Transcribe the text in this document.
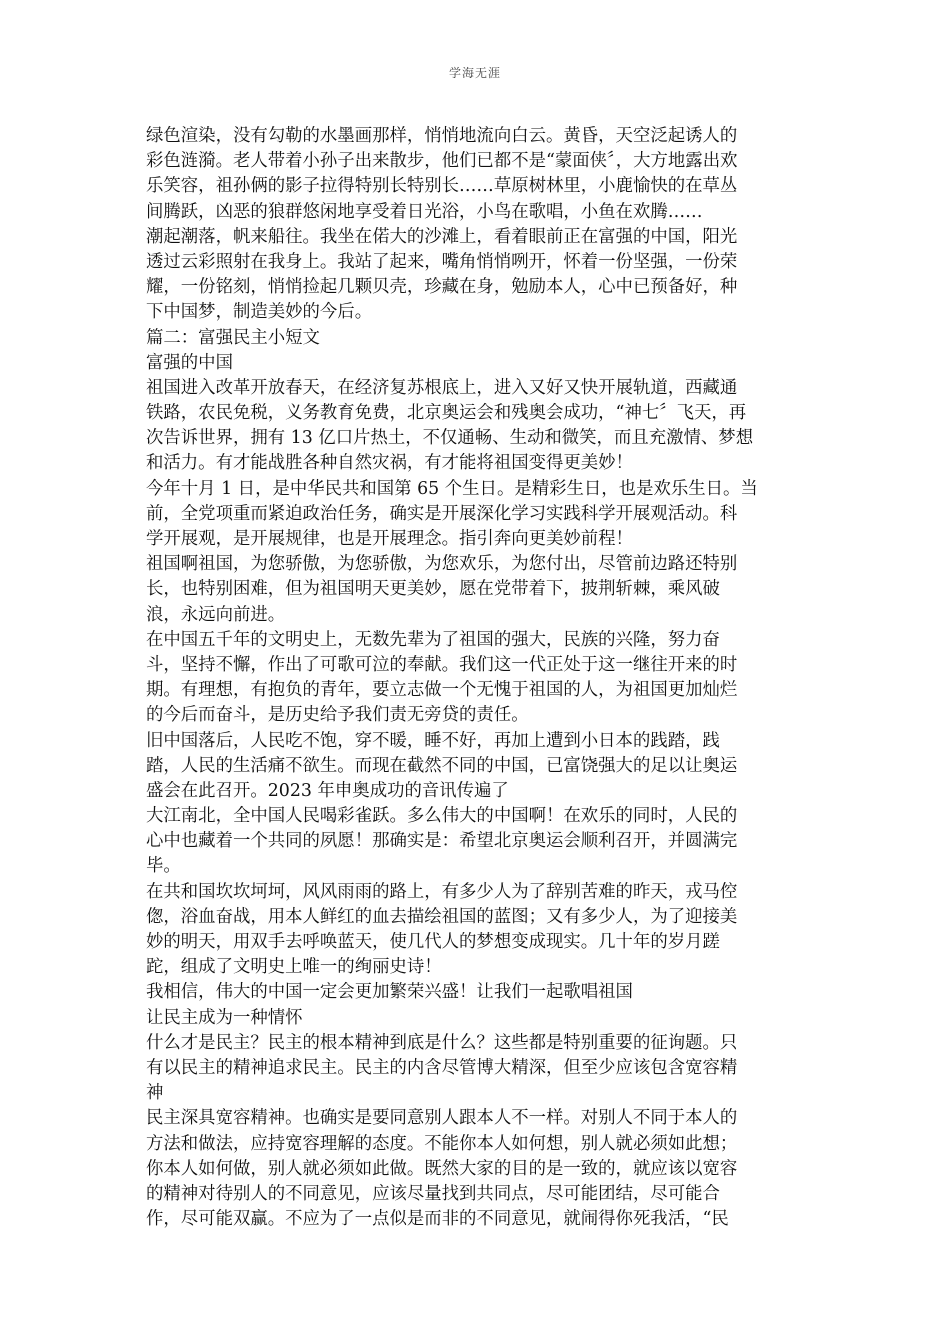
学海无涯
绿色渲染，没有勾勒的水墨画那样，悄悄地流向白云。黄昏，天空泛起诱人的
彩色涟漪。老人带着小孙子出来散步，他们已都不是“蒙面侠〞，大方地露出欢
乐笑容，祖孙俩的影子拉得特别长特别长……草原树林里，小鹿愉快的在草丛
间腾跃，凶恶的狼群悠闲地享受着日光浴，小鸟在歌唱，小鱼在欢腾……
潮起潮落，帆来船往。我坐在偌大的沙滩上，看着眼前正在富强的中国，阳光
透过云彩照射在我身上。我站了起来，嘴角悄悄咧开，怀着一份坚强，一份荣
耀，一份铭刻，悄悄捡起几颗贝壳，珍藏在身，勉励本人，心中已预备好，种
下中国梦，制造美妙的今后。
篇二：富强民主小短文
富强的中国
祖国进入改革开放春天，在经济复苏根底上，进入又好又快开展轨道，西藏通
铁路，农民免税，义务教育免费，北京奥运会和残奥会成功，“神七〞飞天，再
次告诉世界，拥有 13 亿口片热土，不仅通畅、生动和微笑，而且充激情、梦想
和活力。有才能战胜各种自然灾祸，有才能将祖国变得更美妙！
今年十月 1 日，是中华民共和国第 65 个生日。是精彩生日，也是欢乐生日。当
前，全党项重而紧迫政治任务，确实是开展深化学习实践科学开展观活动。科
学开展观，是开展规律，也是开展理念。指引奔向更美妙前程！
祖国啊祖国，为您骄傲，为您骄傲，为您欢乐，为您付出，尽管前边路还特别
长，也特别困难，但为祖国明天更美妙，愿在党带着下，披荆斩棘，乘风破
浪，永远向前进。
在中国五千年的文明史上，无数先辈为了祖国的强大，民族的兴隆，努力奋
斗，坚持不懈，作出了可歌可泣的奉献。我们这一代正处于这一继往开来的时
期。有理想，有抱负的青年，要立志做一个无愧于祖国的人，为祖国更加灿烂
的今后而奋斗，是历史给予我们责无旁贷的责任。
旧中国落后，人民吃不饱，穿不暖，睡不好，再加上遭到小日本的践踏，践
踏，人民的生活痛不欲生。而现在截然不同的中国，已富饶强大的足以让奥运
盛会在此召开。2023 年申奥成功的音讯传遍了
大江南北，全中国人民喝彩雀跃。多么伟大的中国啊！在欢乐的同时，人民的
心中也藏着一个共同的夙愿！那确实是：希望北京奥运会顺利召开，并圆满完
毕。
在共和国坎坎坷坷，风风雨雨的路上，有多少人为了辞别苦难的昨天，戎马倥
偬，浴血奋战，用本人鲜红的血去描绘祖国的蓝图；又有多少人，为了迎接美
妙的明天，用双手去呼唤蓝天，使几代人的梦想变成现实。几十年的岁月蹉
跎，组成了文明史上唯一的绚丽史诗！
我相信，伟大的中国一定会更加繁荣兴盛！让我们一起歌唱祖国
让民主成为一种情怀
什么才是民主？民主的根本精神到底是什么？这些都是特别重要的征询题。只
有以民主的精神追求民主。民主的内含尽管博大精深，但至少应该包含宽容精
神
民主深具宽容精神。也确实是要同意别人跟本人不一样。对别人不同于本人的
方法和做法，应持宽容理解的态度。不能你本人如何想，别人就必须如此想；
你本人如何做，别人就必须如此做。既然大家的目的是一致的，就应该以宽容
的精神对待别人的不同意见，应该尽量找到共同点，尽可能团结，尽可能合
作，尽可能双赢。不应为了一点似是而非的不同意见，就闹得你死我活，“民
